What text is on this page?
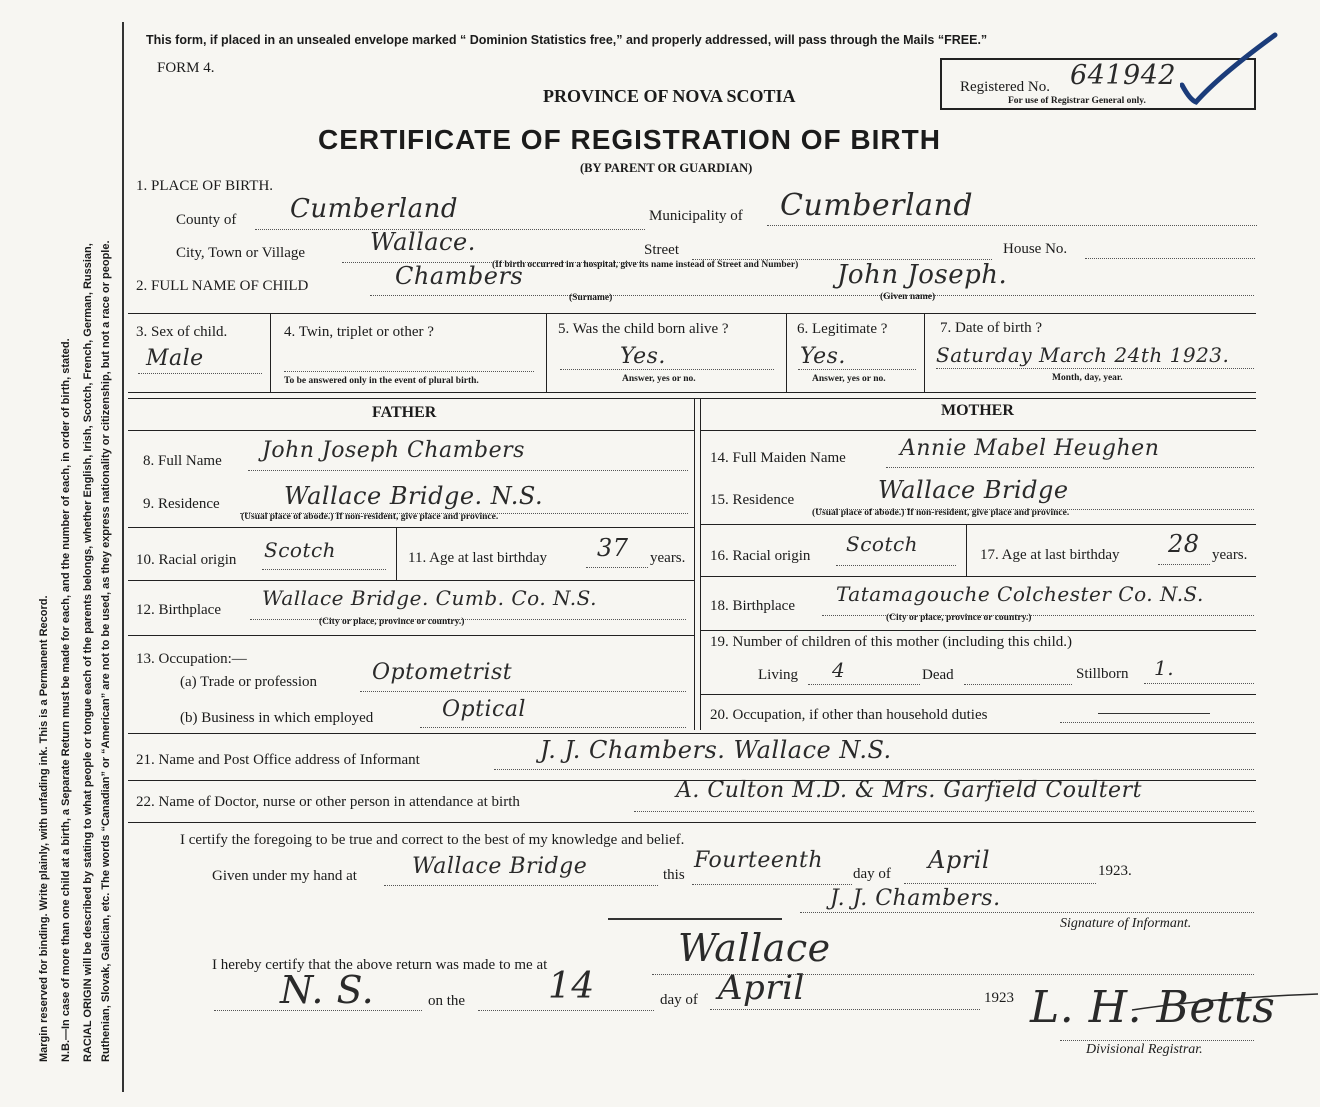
Margin reserved for binding. Write plainly, with unfading ink. This is a Permanent Record. N.B.—In case of more than one child at a birth, a Separate Return must be made for each, and the number of each, in order of birth, stated. RACIAL ORIGIN will be described by stating to what people or tongue each of the parents belongs, whether English, Irish, Scotch, French, German, Russian, Ruthenian, Slovak, Galician, etc. The words “Canadian” or “American” are not to be used, as they express nationality or citizenship, but not a race or people.
This form, if placed in an unsealed envelope marked “ Dominion Statistics free,” and properly addressed, will pass through the Mails “FREE.”
FORM 4.
PROVINCE OF NOVA SCOTIA
CERTIFICATE OF REGISTRATION OF BIRTH
(BY PARENT OR GUARDIAN)
Registered No. 641942
For use of Registrar General only.
1. PLACE OF BIRTH.
County of Cumberland	Municipality of Cumberland
City, Town or Village	Wallace.	Street
(If birth occurred in a hospital, give its name instead of Street and Number)
House No.
2. FULL NAME OF CHILD	Chambers
(Surname)
John Joseph.
(Given name)
3. Sex of child.
Male
4. Twin, triplet or other ?
To be answered only in the event of plural birth.
5. Was the child born alive ?
Yes.
Answer, yes or no.
6. Legitimate ?
Yes.
Answer, yes or no.
7. Date of birth ?
Saturday March 24th 1923.
Month, day, year.
FATHER
8. Full Name John Joseph Chambers
9. Residence	Wallace Bridge. N.S.
(Usual place of abode.) If non-resident, give place and province.
10. Racial origin Scotch	11. Age at last birthday 37 years.
12. Birthplace Wallace Bridge. Cumb. Co. N.S.
(City or place, province or country.)
13. Occupation:—
(a) Trade or profession Optometrist
(b) Business in which employed	Optical
MOTHER
14. Full Maiden Name Annie Mabel Heughen
15. Residence	Wallace Bridge
(Usual place of abode.) If non-resident, give place and province.
16. Racial origin Scotch	17. Age at last birthday 28 years.
18. Birthplace Tatamagouche Colchester Co. N.S.
(City or place, province or country.)
19. Number of children of this mother (including this child.)
Living 4	Dead	Stillborn 1.
20. Occupation, if other than household duties
21. Name and Post Office address of Informant	J. J. Chambers. Wallace N.S.
22. Name of Doctor, nurse or other person in attendance at birth	A. Culton M.D. & Mrs. Garfield Coultert
I certify the foregoing to be true and correct to the best of my knowledge and belief.
Given under my hand at	Wallace Bridge	this
Fourteenth
day of April	1923.
J. J. Chambers.
Signature of Informant.
I hereby certify that the above return was made to me at	Wallace
N. S.	on the 14	day of April	1923 L. H. Betts
Divisional Registrar.
